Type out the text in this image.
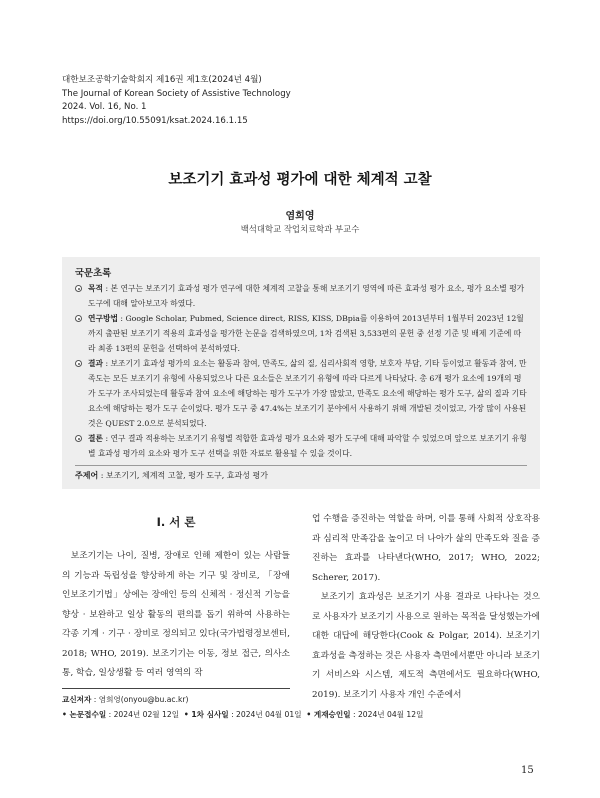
대한보조공학기술학회지 제16권 제1호(2024년 4월)
The Journal of Korean Society of Assistive Technology
2024. Vol. 16, No. 1
https://doi.org/10.55091/ksat.2024.16.1.15
보조기기 효과성 평가에 대한 체계적 고찰
염희영
백석대학교 작업치료학과 부교수
국문초록
목적 : 본 연구는 보조기기 효과성 평가 연구에 대한 체계적 고찰을 통해 보조기기 영역에 따른 효과성 평가 요소, 평가 요소별 평가 도구에 대해 알아보고자 하였다.
연구방법 : Google Scholar, Pubmed, Science direct, RISS, KISS, DBpia를 이용하여 2013년부터 1월부터 2023년 12월까지 출판된 보조기기 적용의 효과성을 평가한 논문을 검색하였으며, 1차 검색된 3,533편의 문헌 중 선정 기준 및 배제 기준에 따라 최종 13편의 문헌을 선택하여 분석하였다.
결과 : 보조기기 효과성 평가의 요소는 활동과 참여, 만족도, 삶의 질, 심리사회적 영향, 보호자 부담, 기타 등이었고 활동과 참여, 만족도는 모든 보조기기 유형에 사용되었으나 다른 요소들은 보조기기 유형에 따라 다르게 나타났다. 총 6개 평가 요소에 19개의 평가 도구가 조사되었는데 활동과 참여 요소에 해당하는 평가 도구가 가장 많았고, 만족도 요소에 해당하는 평가 도구, 삶의 질과 기타 요소에 해당하는 평가 도구 순이었다. 평가 도구 중 47.4%는 보조기기 분야에서 사용하기 위해 개발된 것이었고, 가장 많이 사용된 것은 QUEST 2.0으로 분석되었다.
결론 : 연구 결과 적용하는 보조기기 유형별 적합한 효과성 평가 요소와 평가 도구에 대해 파악할 수 있었으며 앞으로 보조기기 유형별 효과성 평가의 요소와 평가 도구 선택을 위한 자료로 활용될 수 있을 것이다.
주제어 : 보조기기, 체계적 고찰, 평가 도구, 효과성 평가
Ⅰ. 서 론

보조기기는 나이, 질병, 장애로 인해 제한이 있는 사람들의 기능과 독립성을 향상하게 하는 기구 및 장비로, 「장애인보조기기법」상에는 장애인 등의 신체적 · 정신적 기능을 향상 · 보완하고 일상 활동의 편의를 돕기 위하여 사용하는 각종 기계 · 기구 · 장비로 정의되고 있다(국가법령정보센터, 2018; WHO, 2019). 보조기기는 이동, 정보 접근, 의사소통, 학습, 일상생활 등 여러 영역의 작

업 수행을 증진하는 역할을 하며, 이를 통해 사회적 상호작용과 심리적 만족감을 높이고 더 나아가 삶의 만족도와 질을 증진하는 효과를 나타낸다(WHO, 2017; WHO, 2022; Scherer, 2017).

보조기기 효과성은 보조기기 사용 결과로 나타나는 것으로 사용자가 보조기기 사용으로 원하는 목적을 달성했는가에 대한 대답에 해당한다(Cook & Polgar, 2014). 보조기기 효과성을 측정하는 것은 사용자 측면에서뿐만 아니라 보조기기 서비스와 시스템, 제도적 측면에서도 필요하다(WHO, 2019). 보조기기 사용자 개인 수준에서

교신저자 : 염희영(onyou@bu.ac.kr)
• 논문접수일 : 2024년 02월 12일 • 1차 심사일 : 2024년 04월 01일 • 게재승인일 : 2024년 04월 12일
15
